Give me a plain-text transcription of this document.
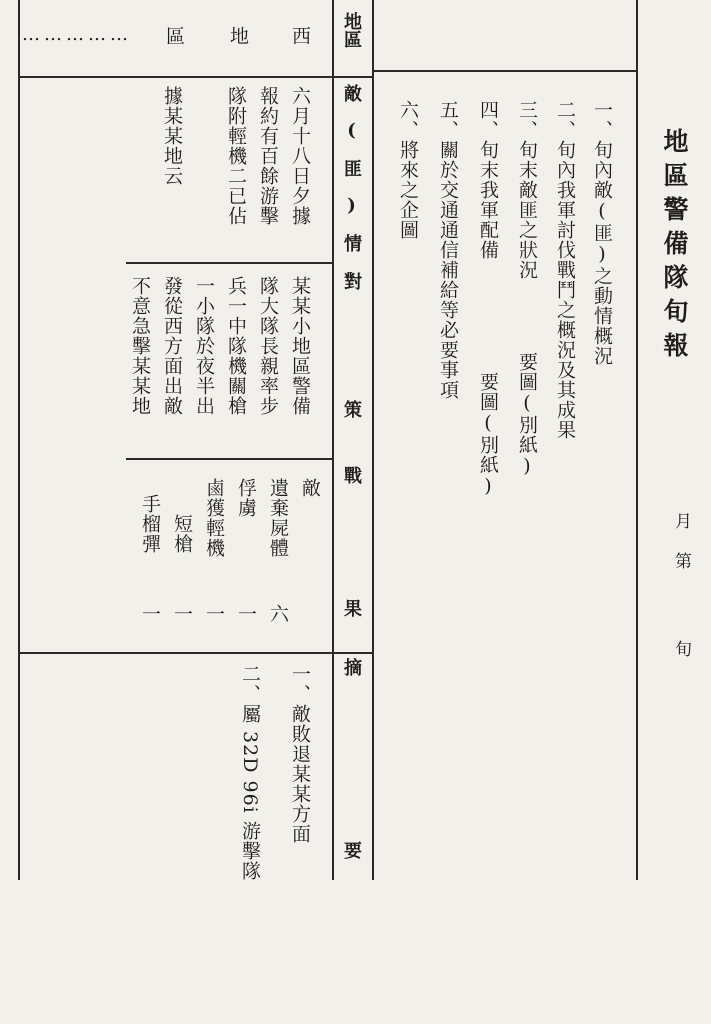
地區警備隊旬報
月
第
旬
一、旬內敵(匪)之動情概況
二、旬內我軍討伐戰鬥之概況及其成果
三、旬末敵匪之狀況
要圖(別紙)
四、旬末我軍配備
要圖(別紙)
五、關於交通通信補給等必要事項
六、將來之企圖
地區
敵(匪)情
對策
戰果
摘要
西
地
區
……………
六月十八日夕據
報約有百餘游擊
隊附輕機二已佔
據某某地云
某某小地區警備
隊大隊長親率步
兵一中隊機關槍
一小隊於夜半出
發從西方面出敵
不意急擊某某地
敵
遺棄屍體
六
俘虜
一
鹵獲輕機
一
短槍
一
手榴彈
一
一、敵敗退某某方面
二、屬 32D 96i 游擊隊
